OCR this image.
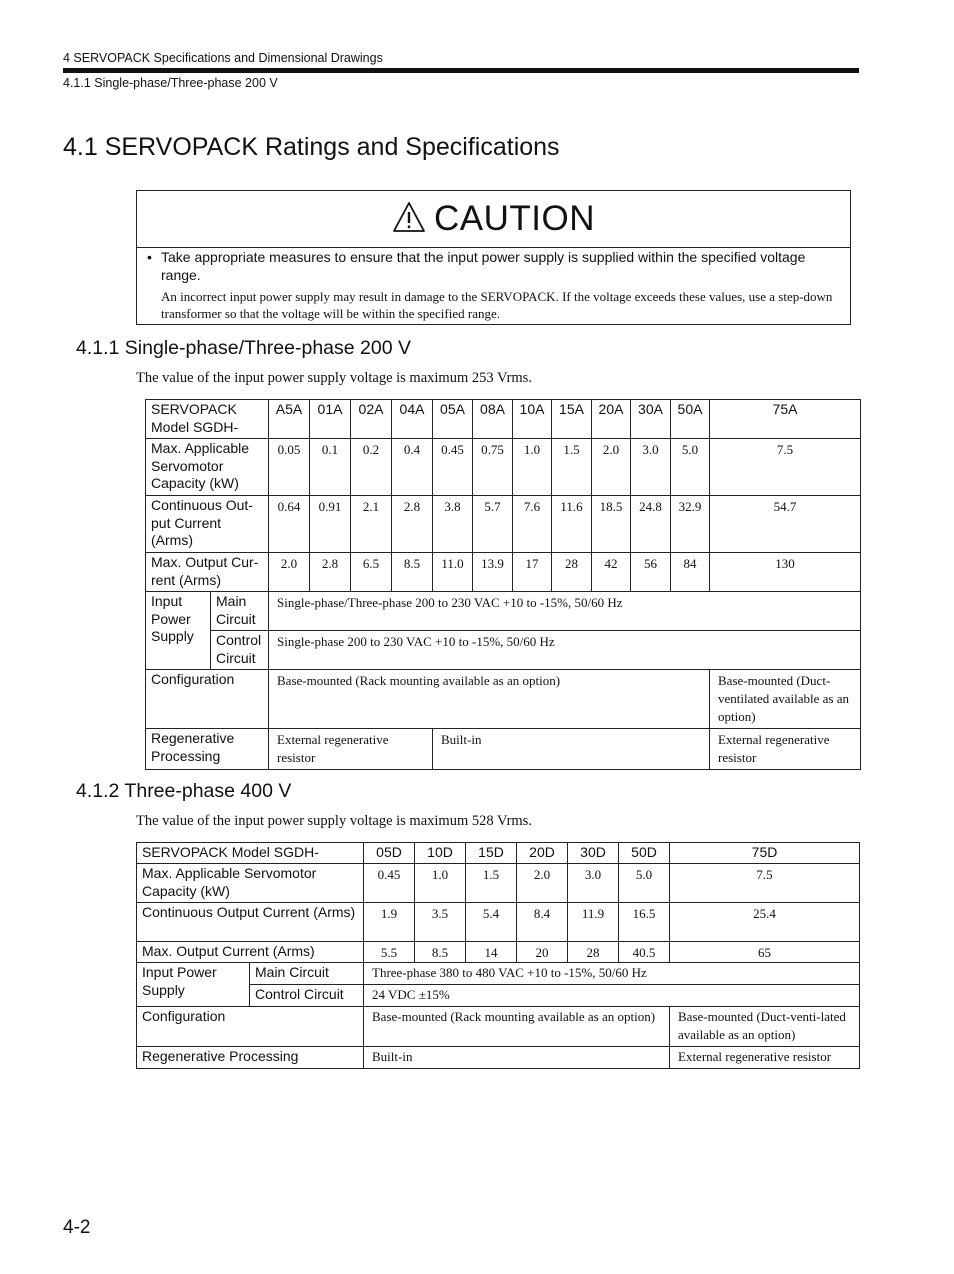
4 SERVOPACK Specifications and Dimensional Drawings
4.1.1 Single-phase/Three-phase 200 V
4.1 SERVOPACK Ratings and Specifications
CAUTION
• Take appropriate measures to ensure that the input power supply is supplied within the specified voltage range.
An incorrect input power supply may result in damage to the SERVOPACK. If the voltage exceeds these values, use a step-down transformer so that the voltage will be within the specified range.
4.1.1 Single-phase/Three-phase 200 V
The value of the input power supply voltage is maximum 253 Vrms.
SERVOPACK Model SGDH-		A5A	01A	02A	04A	05A	08A	10A	15A	20A	30A	50A	75A
Max. Applicable Servomotor Capacity (kW)		0.05	0.1	0.2	0.4	0.45	0.75	1.0	1.5	2.0	3.0	5.0	7.5
Continuous Out-put Current (Arms)		0.64	0.91	2.1	2.8	3.8	5.7	7.6	11.6	18.5	24.8	32.9	54.7
Max. Output Cur-rent (Arms)		2.0	2.8	6.5	8.5	11.0	13.9	17	28	42	56	84	130
Input Power Supply	Main Circuit	Single-phase/Three-phase 200 to 230 VAC +10 to -15%, 50/60 Hz											
	Control Circuit	Single-phase 200 to 230 VAC +10 to -15%, 50/60 Hz											
Configuration		Base-mounted (Rack mounting available as an option)											Base-mounted (Duct-ventilated available as an option)
Regenerative Processing		External regenerative resistor				Built-in							External regenerative resistor
4.1.2 Three-phase 400 V
The value of the input power supply voltage is maximum 528 Vrms.
SERVOPACK Model SGDH-		05D	10D	15D	20D	30D	50D	75D
Max. Applicable Servomotor Capacity (kW)		0.45	1.0	1.5	2.0	3.0	5.0	7.5
Continuous Output Current (Arms)		1.9	3.5	5.4	8.4	11.9	16.5	25.4
Max. Output Current (Arms)		5.5	8.5	14	20	28	40.5	65
Input Power Supply	Main Circuit	Three-phase 380 to 480 VAC +10 to -15%, 50/60 Hz						
	Control Circuit	24 VDC ±15%						
Configuration		Base-mounted (Rack mounting available as an option)						Base-mounted (Duct-venti-lated available as an option)
Regenerative Processing		Built-in						External regenerative resistor
4-2
